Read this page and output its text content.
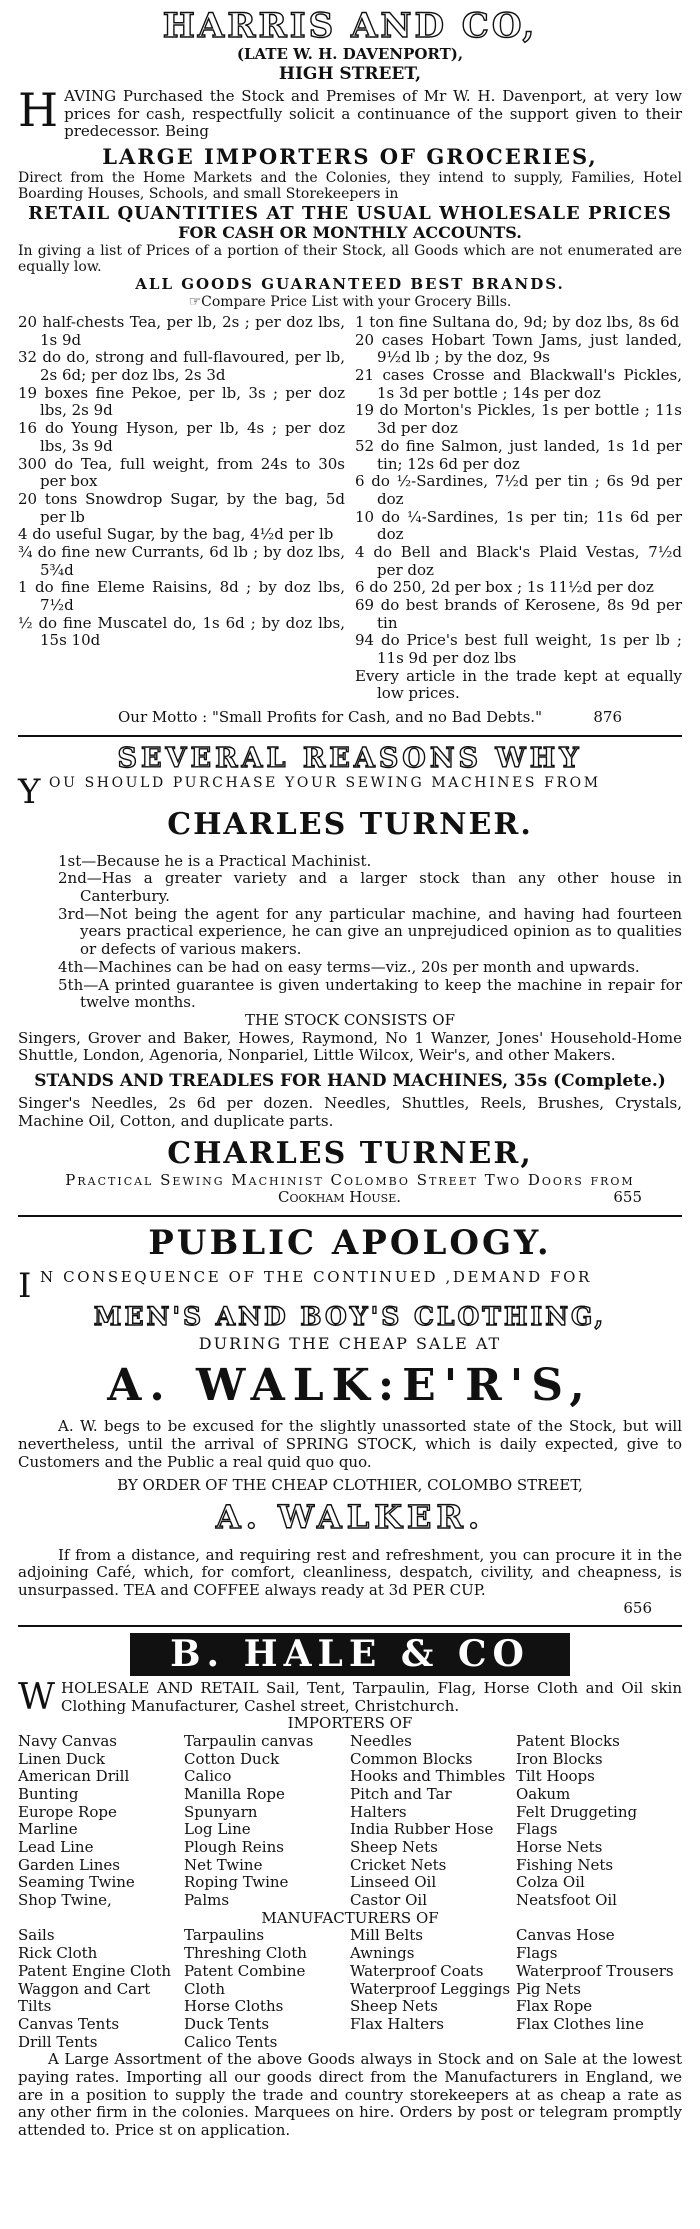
HARRIS AND CO,
(LATE W. H. DAVENPORT),
HIGH STREET,
H AVING Purchased the Stock and Premises of Mr W. H. Davenport, at very low prices for cash, respectfully solicit a continuance of the support given to their predecessor. Being
LARGE IMPORTERS OF GROCERIES,
Direct from the Home Markets and the Colonies, they intend to supply, Families, Hotel Boarding Houses, Schools, and small Storekeepers in
RETAIL QUANTITIES AT THE USUAL WHOLESALE PRICES
FOR CASH OR MONTHLY ACCOUNTS.
In giving a list of Prices of a portion of their Stock, all Goods which are not enumerated are equally low.
ALL GOODS GUARANTEED BEST BRANDS.
☞Compare Price List with your Grocery Bills.
20 half-chests Tea, per lb, 2s ; per doz lbs, 1s 9d
32 do do, strong and full-flavoured, per lb, 2s 6d; per doz lbs, 2s 3d
19 boxes fine Pekoe, per lb, 3s ; per doz lbs, 2s 9d
16 do Young Hyson, per lb, 4s ; per doz lbs, 3s 9d
300 do Tea, full weight, from 24s to 30s per box
20 tons Snowdrop Sugar, by the bag, 5d per lb
4 do useful Sugar, by the bag, 4½d per lb
¾ do fine new Currants, 6d lb ; by doz lbs, 5¾d
1 do fine Eleme Raisins, 8d ; by doz lbs, 7½d
½ do fine Muscatel do, 1s 6d ; by doz lbs, 15s 10d
1 ton fine Sultana do, 9d; by doz lbs, 8s 6d
20 cases Hobart Town Jams, just landed, 9½d lb ; by the doz, 9s
21 cases Crosse and Blackwall's Pickles, 1s 3d per bottle ; 14s per doz
19 do Morton's Pickles, 1s per bottle ; 11s 3d per doz
52 do fine Salmon, just landed, 1s 1d per tin; 12s 6d per doz
6 do ½-Sardines, 7½d per tin ; 6s 9d per doz
10 do ¼-Sardines, 1s per tin; 11s 6d per doz
4 do Bell and Black's Plaid Vestas, 7½d per doz
6 do 250, 2d per box ; 1s 11½d per doz
69 do best brands of Kerosene, 8s 9d per tin
94 do Price's best full weight, 1s per lb ; 11s 9d per doz lbs
Every article in the trade kept at equally low prices.
Our Motto : "Small Profits for Cash, and no Bad Debts."	876
SEVERAL REASONS WHY
Y OU SHOULD PURCHASE YOUR SEWING MACHINES FROM
CHARLES TURNER.
1st—Because he is a Practical Machinist.
2nd—Has a greater variety and a larger stock than any other house in Canterbury.
3rd—Not being the agent for any particular machine, and having had fourteen years practical experience, he can give an unprejudiced opinion as to qualities or defects of various makers.
4th—Machines can be had on easy terms—viz., 20s per month and upwards.
5th—A printed guarantee is given undertaking to keep the machine in repair for twelve months.
THE STOCK CONSISTS OF
Singers, Grover and Baker, Howes, Raymond, No 1 Wanzer, Jones' Household-Home Shuttle, London, Agenoria, Nonpariel, Little Wilcox, Weir's, and other Makers.
STANDS AND TREADLES FOR HAND MACHINES, 35s (Complete.)
Singer's Needles, 2s 6d per dozen. Needles, Shuttles, Reels, Brushes, Crystals, Machine Oil, Cotton, and duplicate parts.
CHARLES TURNER,
Practical Sewing Machinist Colombo Street Two Doors from
Cookham House.	655
PUBLIC APOLOGY.
I N CONSEQUENCE OF THE CONTINUED ,DEMAND FOR
MEN'S AND BOY'S CLOTHING,
DURING THE CHEAP SALE AT
A. WALK:E'R'S,
A. W. begs to be excused for the slightly unassorted state of the Stock, but will nevertheless, until the arrival of SPRING STOCK, which is daily expected, give to Customers and the Public a real quid quo quo.
BY ORDER OF THE CHEAP CLOTHIER, COLOMBO STREET,
A. WALKER.
If from a distance, and requiring rest and refreshment, you can procure it in the adjoining Café, which, for comfort, cleanliness, despatch, civility, and cheapness, is unsurpassed. TEA and COFFEE always ready at 3d PER CUP.
656
B. HALE & CO
W HOLESALE AND RETAIL Sail, Tent, Tarpaulin, Flag, Horse Cloth and Oil skin Clothing Manufacturer, Cashel street, Christchurch.
IMPORTERS OF
Navy Canvas
Linen Duck
American Drill
Bunting
Europe Rope
Marline
Lead Line
Garden Lines
Seaming Twine
Shop Twine,
Tarpaulin canvas
Cotton Duck
Calico
Manilla Rope
Spunyarn
Log Line
Plough Reins
Net Twine
Roping Twine
Palms
Needles
Common Blocks
Hooks and Thimbles
Pitch and Tar
Halters
India Rubber Hose
Sheep Nets
Cricket Nets
Linseed Oil
Castor Oil
Patent Blocks
Iron Blocks
Tilt Hoops
Oakum
Felt Druggeting
Flags
Horse Nets
Fishing Nets
Colza Oil
Neatsfoot Oil
MANUFACTURERS OF
Sails
Rick Cloth
Patent Engine Cloth
Waggon and Cart Tilts
Canvas Tents
Drill Tents
Tarpaulins
Threshing Cloth
Patent Combine Cloth
Horse Cloths
Duck Tents
Calico Tents
Mill Belts
Awnings
Waterproof Coats
Waterproof Leggings
Sheep Nets
Flax Halters
Canvas Hose
Flags
Waterproof Trousers
Pig Nets
Flax Rope
Flax Clothes line
A Large Assortment of the above Goods always in Stock and on Sale at the lowest paying rates. Importing all our goods direct from the Manufacturers in England, we are in a position to supply the trade and country storekeepers at as cheap a rate as any other firm in the colonies. Marquees on hire. Orders by post or telegram promptly attended to. Price st on application.
